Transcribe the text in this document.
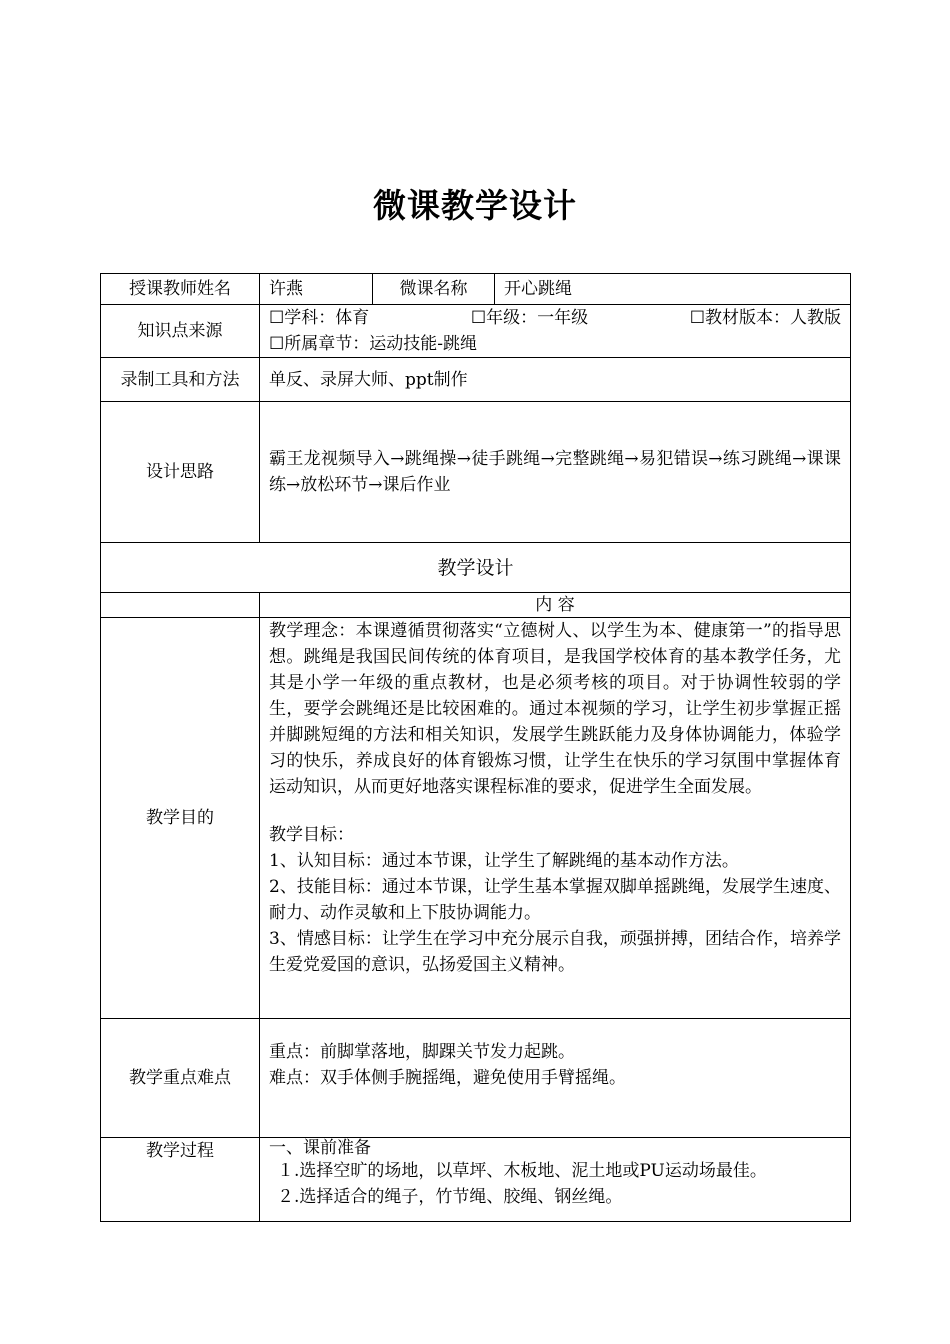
微课教学设计
授课教师姓名	许燕	微课名称	开心跳绳
知识点来源	☐学科：体育 ☐年级：一年级 ☐教材版本：人教版
☐所属章节：运动技能-跳绳		

录制工具和方法	单反、录屏大师、ppt制作		
设计思路	霸王龙视频导入→跳绳操→徒手跳绳→完整跳绳→易犯错误→练习跳绳→课课练→放松环节→课后作业		
教学设计			
	内 容		
教学目的	教学理念：本课遵循贯彻落实“立德树人、以学生为本、健康第一”的指导思想。跳绳是我国民间传统的体育项目，是我国学校体育的基本教学任务，尤其是小学一年级的重点教材，也是必须考核的项目。对于协调性较弱的学生，要学会跳绳还是比较困难的。通过本视频的学习，让学生初步掌握正摇并脚跳短绳的方法和相关知识，发展学生跳跃能力及身体协调能力，体验学习的快乐，养成良好的体育锻炼习惯，让学生在快乐的学习氛围中掌握体育运动知识，从而更好地落实课程标准的要求，促进学生全面发展。
教学目标：
1、认知目标：通过本节课，让学生了解跳绳的基本动作方法。
2、技能目标：通过本节课，让学生基本掌握双脚单摇跳绳，发展学生速度、耐力、动作灵敏和上下肢协调能力。
3、情感目标：让学生在学习中充分展示自我，顽强拼搏，团结合作，培养学生爱党爱国的意识，弘扬爱国主义精神。		

教学重点难点	重点：前脚掌落地，脚踝关节发力起跳。
难点：双手体侧手腕摇绳，避免使用手臂摇绳。		

教学过程	一、课前准备
１.选择空旷的场地，以草坪、木板地、泥土地或PU运动场最佳。
２.选择适合的绳子，竹节绳、胶绳、钢丝绳。		
